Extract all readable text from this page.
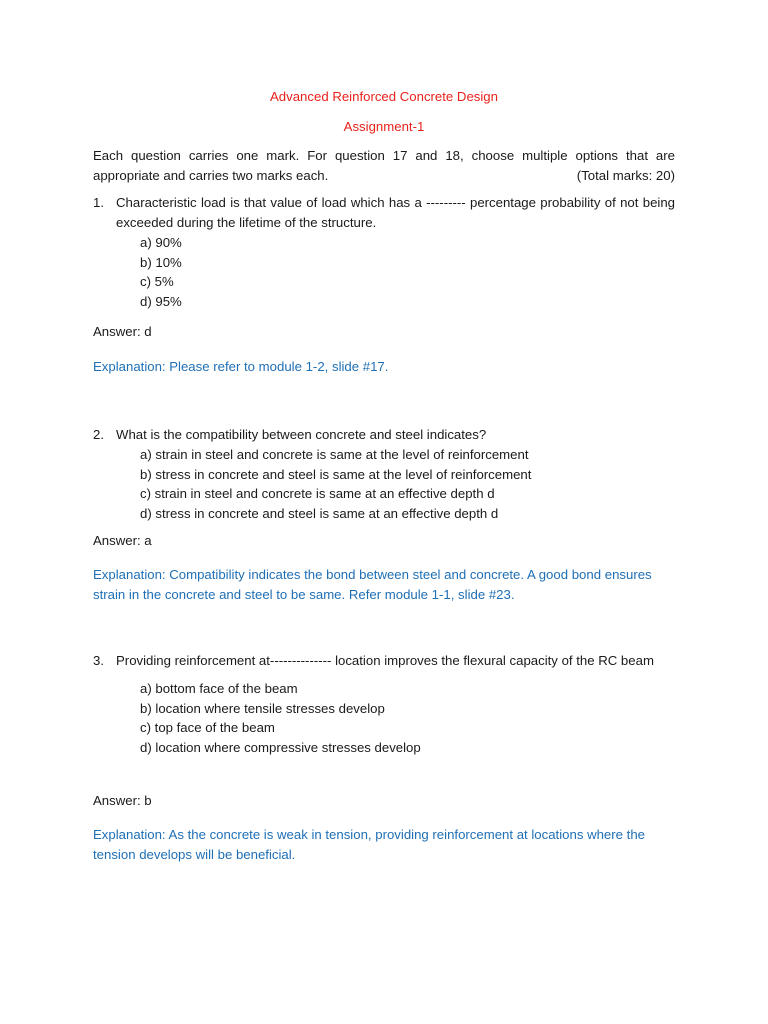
Advanced Reinforced Concrete Design
Assignment-1
Each question carries one mark. For question 17 and 18, choose multiple options that are
appropriate and carries two marks each.	(Total marks: 20)
1. Characteristic load is that value of load which has a --------- percentage probability of not being exceeded during the lifetime of the structure.
a) 90%
b) 10%
c) 5%
d) 95%
Answer: d
Explanation: Please refer to module 1-2, slide #17.
2. What is the compatibility between concrete and steel indicates?
a) strain in steel and concrete is same at the level of reinforcement
b) stress in concrete and steel is same at the level of reinforcement
c) strain in steel and concrete is same at an effective depth d
d) stress in concrete and steel is same at an effective depth d
Answer: a
Explanation: Compatibility indicates the bond between steel and concrete. A good bond ensures strain in the concrete and steel to be same. Refer module 1-1, slide #23.
3. Providing reinforcement at-------------- location improves the flexural capacity of the RC beam
a) bottom face of the beam
b) location where tensile stresses develop
c) top face of the beam
d) location where compressive stresses develop
Answer: b
Explanation: As the concrete is weak in tension, providing reinforcement at locations where the tension develops will be beneficial.
